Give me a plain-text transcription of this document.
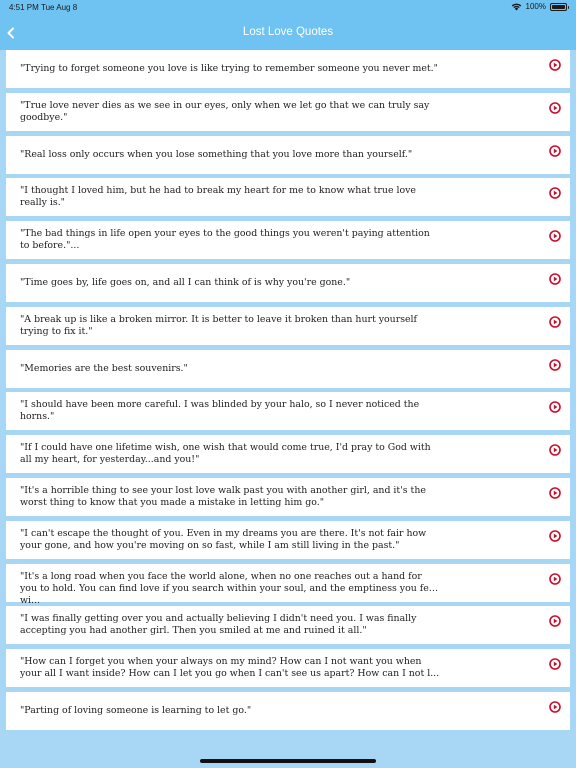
4:51 PM Tue Aug 8	100%
Lost Love Quotes
"Trying to forget someone you love is like trying to remember someone you never met."
"True love never dies as we see in our eyes, only when we let go that we can truly say goodbye."
"Real loss only occurs when you lose something that you love more than yourself."
"I thought I loved him, but he had to break my heart for me to know what true love really is."
"The bad things in life open your eyes to the good things you weren't paying attention to before."...
"Time goes by, life goes on, and all I can think of is why you're gone."
"A break up is like a broken mirror. It is better to leave it broken than hurt yourself trying to fix it."
"Memories are the best souvenirs."
"I should have been more careful. I was blinded by your halo, so I never noticed the horns."
"If I could have one lifetime wish, one wish that would come true, I'd pray to God with all my heart, for yesterday...and you!"
"It's a horrible thing to see your lost love walk past you with another girl, and it's the worst thing to know that you made a mistake in letting him go."
"I can't escape the thought of you. Even in my dreams you are there. It's not fair how your gone, and how you're moving on so fast, while I am still living in the past."
"It's a long road when you face the world alone, when no one reaches out a hand for you to hold. You can find love if you search within your soul, and the emptiness you felt wi...
"I was finally getting over you and actually believing I didn't need you. I was finally accepting you had another girl. Then you smiled at me and ruined it all."
"How can I forget you when your always on my mind? How can I not want you when your all I want inside? How can I let you go when I can't see us apart? How can I not l...
"Parting of loving someone is learning to let go."
